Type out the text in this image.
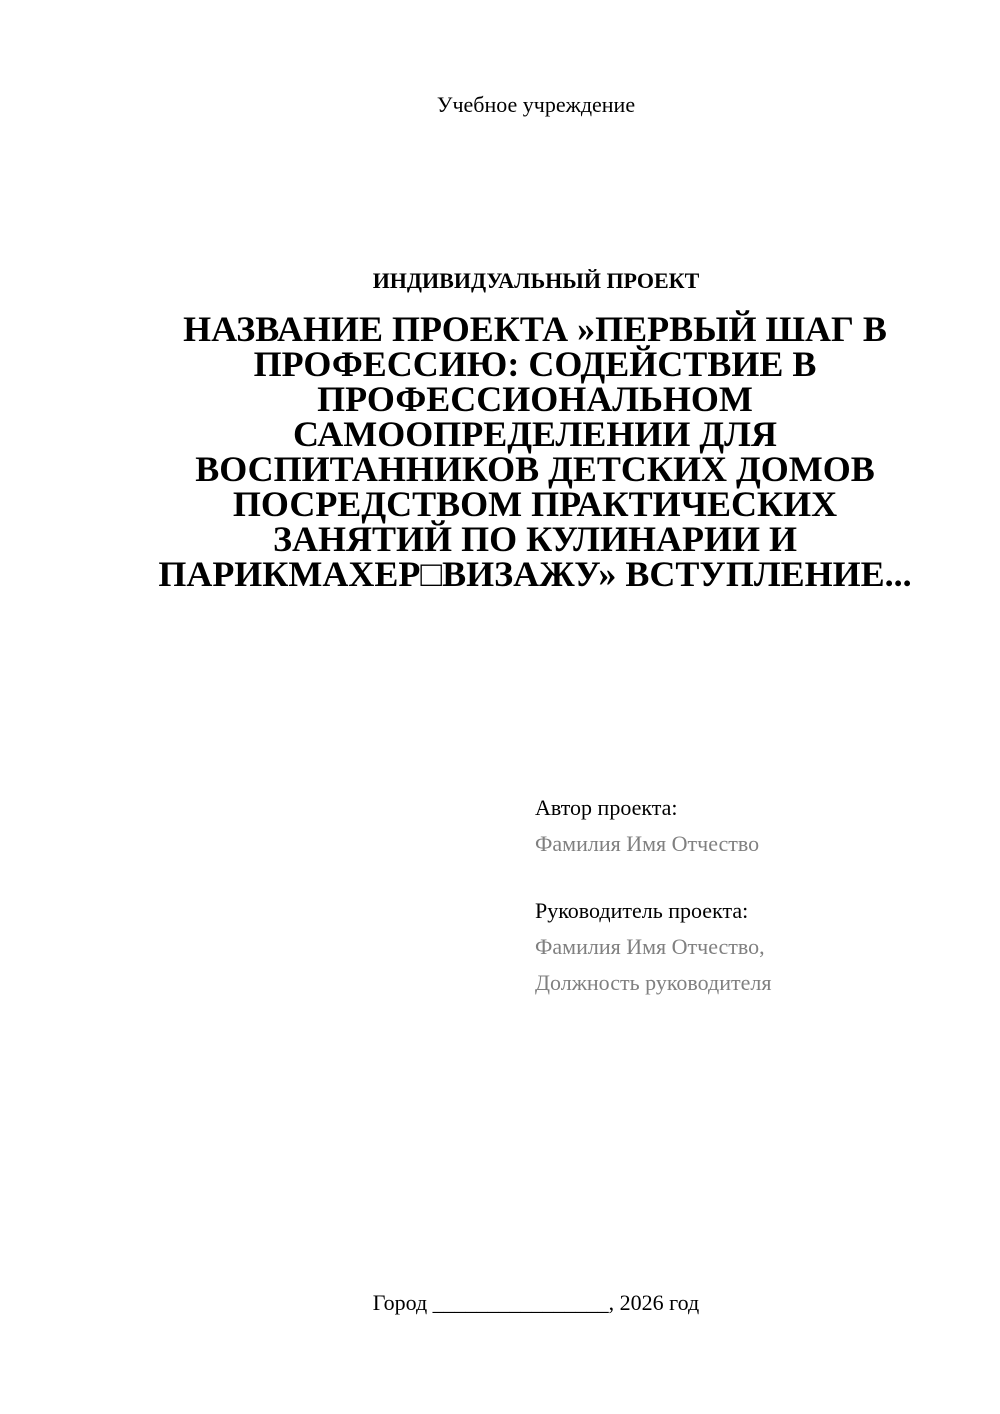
Учебное учреждение
ИНДИВИДУАЛЬНЫЙ ПРОЕКТ
НАЗВАНИЕ ПРОЕКТА »ПЕРВЫЙ ШАГ В ПРОФЕССИЮ: СОДЕЙСТВИЕ В ПРОФЕССИОНАЛЬНОМ САМООПРЕДЕЛЕНИИ ДЛЯ ВОСПИТАННИКОВ ДЕТСКИХ ДОМОВ ПОСРЕДСТВОМ ПРАКТИЧЕСКИХ ЗАНЯТИЙ ПО КУЛИНАРИИ И ПАРИКМАХЕР□ВИЗАЖУ» ВСТУПЛЕНИЕ...
Автор проекта:
Фамилия Имя Отчество
Руководитель проекта:
Фамилия Имя Отчество,
Должность руководителя
Город ________________, 2026 год
